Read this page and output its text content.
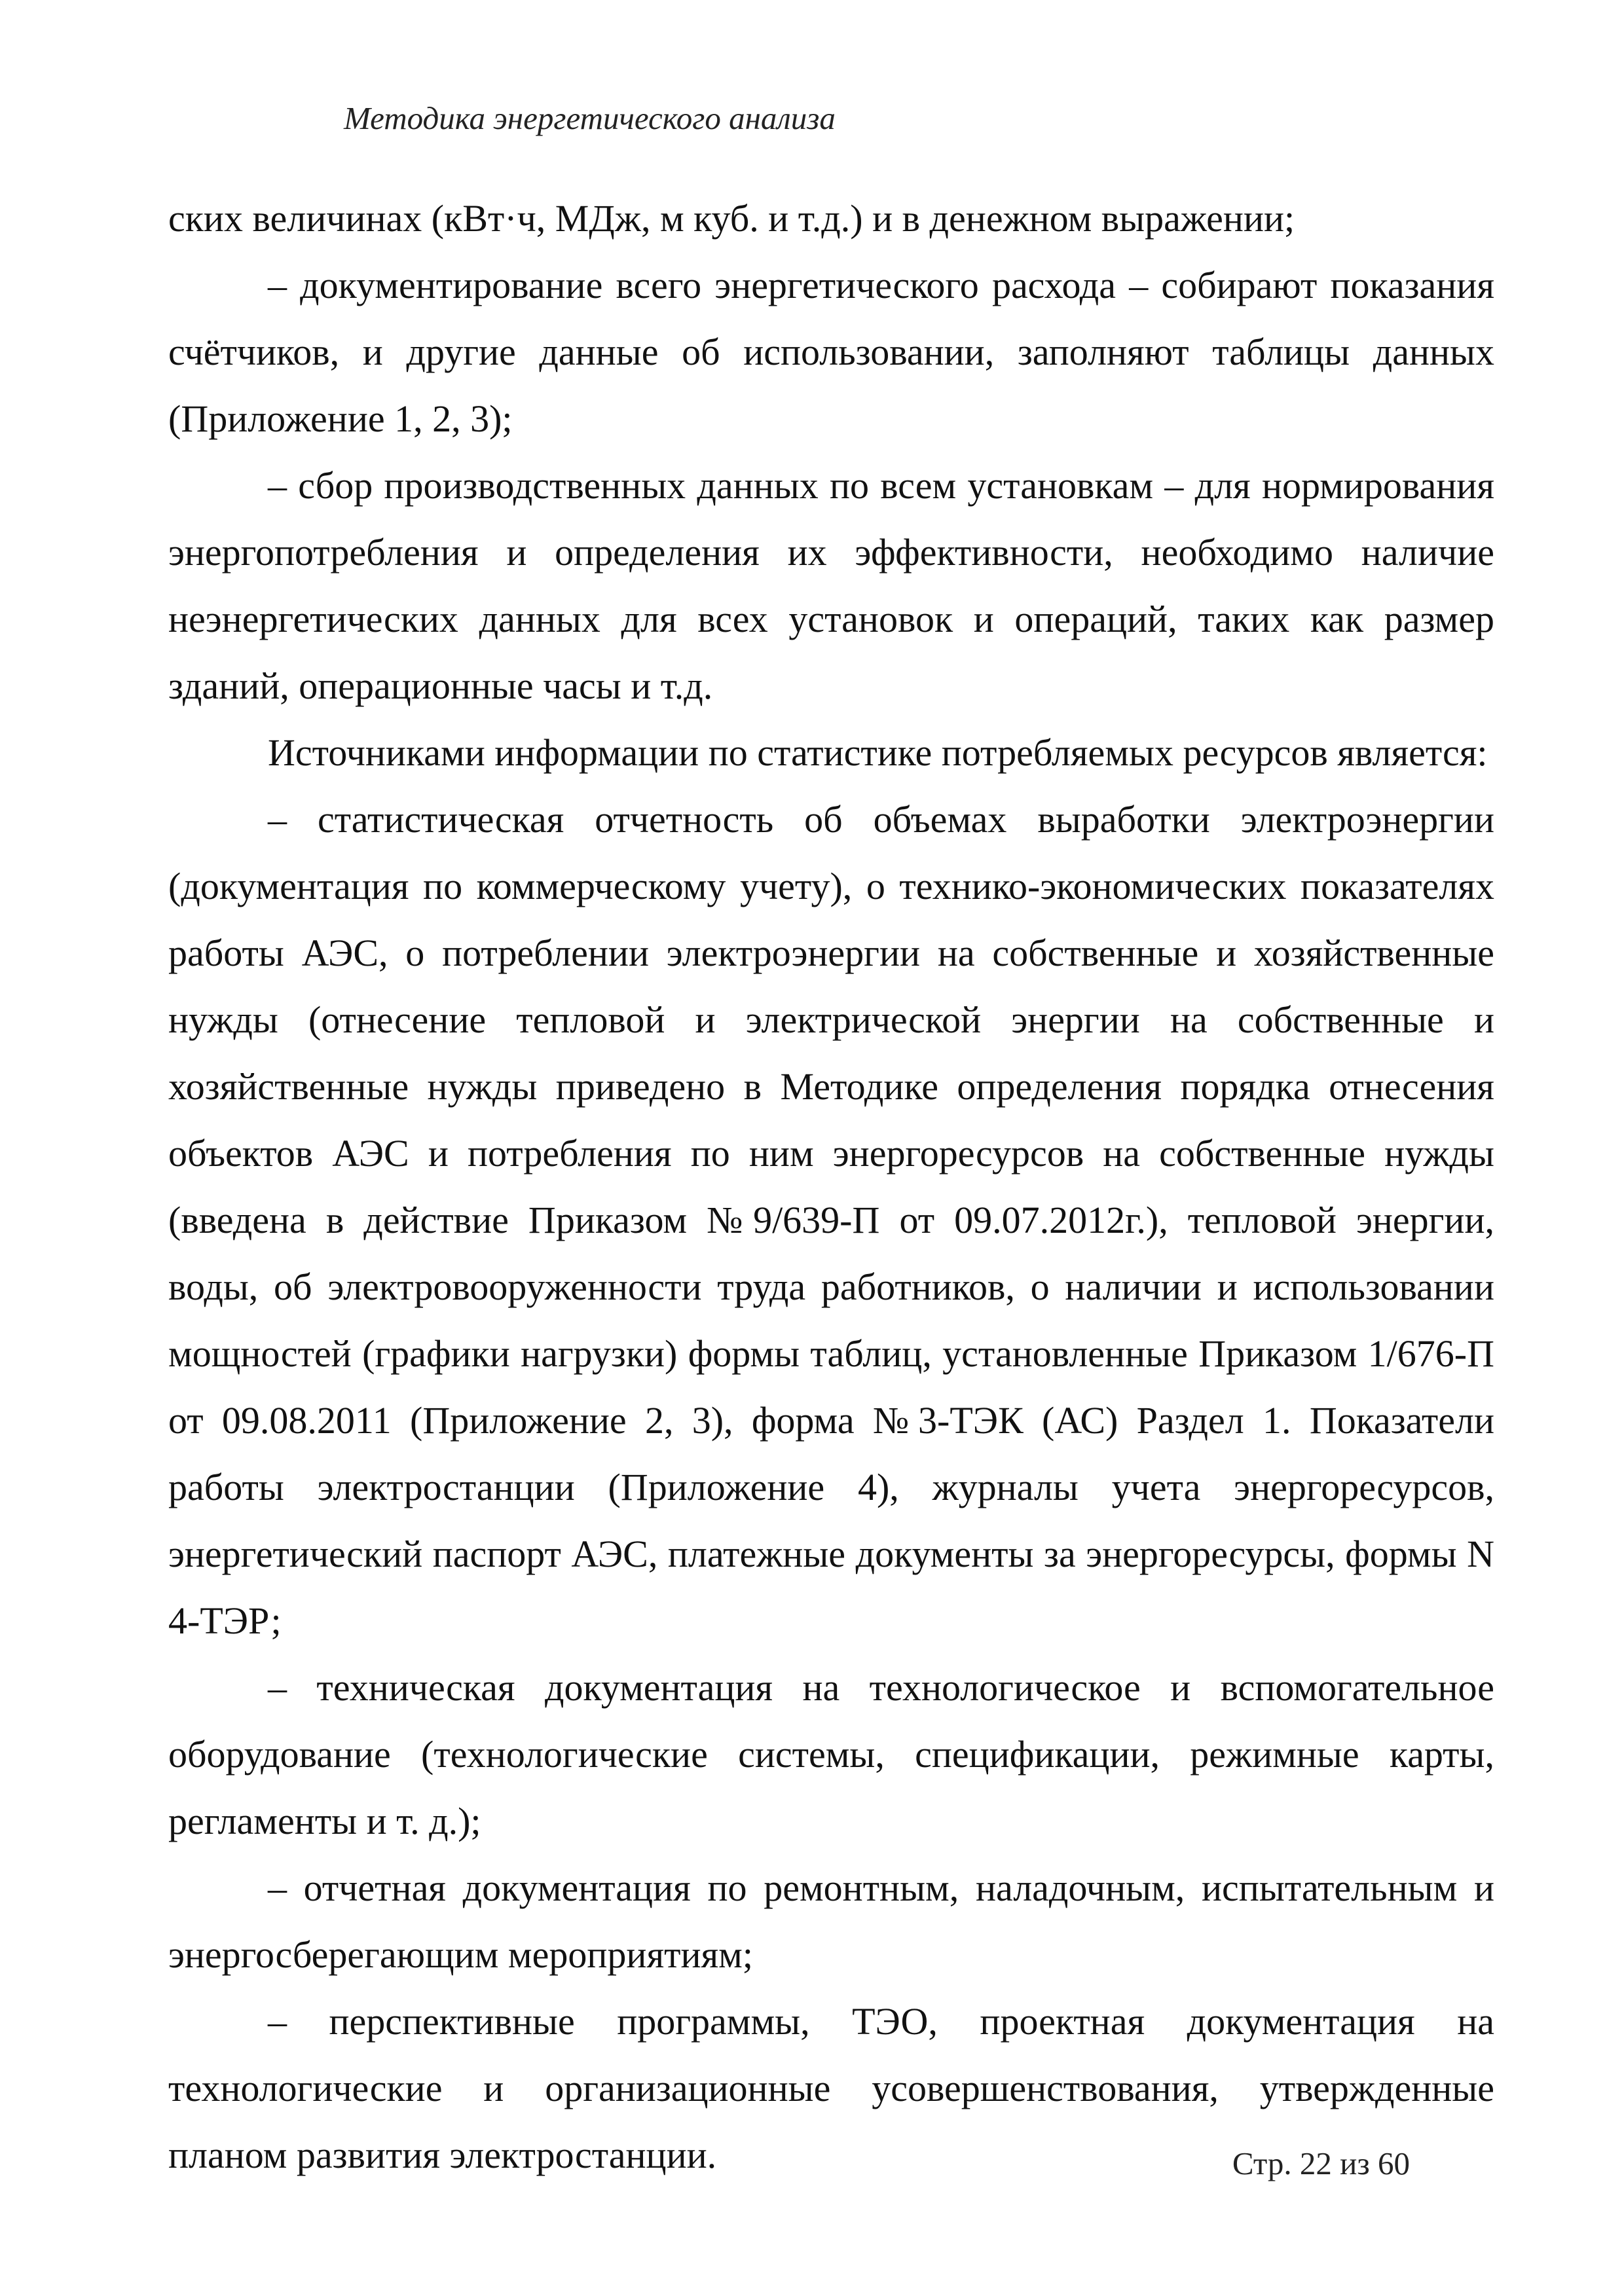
Методика энергетического анализа

ских величинах (кВт·ч, МДж, м куб. и т.д.) и в денежном выражении;

– документирование всего энергетического расхода – собирают показания счётчиков, и другие данные об использовании, заполняют таблицы данных (Приложение 1, 2, 3);

– сбор производственных данных по всем установкам – для нормирования энергопотребления и определения их эффективности, необходимо наличие неэнергетических данных для всех установок и операций, таких как размер зданий, операционные часы и т.д.

Источниками информации по статистике потребляемых ресурсов является:

– статистическая отчетность об объемах выработки электроэнергии (документация по коммерческому учету), о технико-экономических показателях работы АЭС, о потреблении электроэнергии на собственные и хозяйственные нужды (отнесение тепловой и электрической энергии на собственные и хозяйственные нужды приведено в Методике определения порядка отнесения объектов АЭС и потребления по ним энергоресурсов на собственные нужды (введена в действие Приказом №9/639-П от 09.07.2012г.), тепловой энергии, воды, об электровооруженности труда работников, о наличии и использовании мощностей (графики нагрузки) формы таблиц, установленные Приказом 1/676-П от 09.08.2011 (Приложение 2, 3), форма №3-ТЭК (АС) Раздел 1. Показатели работы электростанции (Приложение 4), журналы учета энергоресурсов, энергетический паспорт АЭС, платежные документы за энергоресурсы, формы N 4-ТЭР;

– техническая документация на технологическое и вспомогательное оборудование (технологические системы, спецификации, режимные карты, регламенты и т. д.);

– отчетная документация по ремонтным, наладочным, испытательным и энергосберегающим мероприятиям;

– перспективные программы, ТЭО, проектная документация на технологические и организационные усовершенствования, утвержденные планом развития электростанции.	Стр. 22 из 60
